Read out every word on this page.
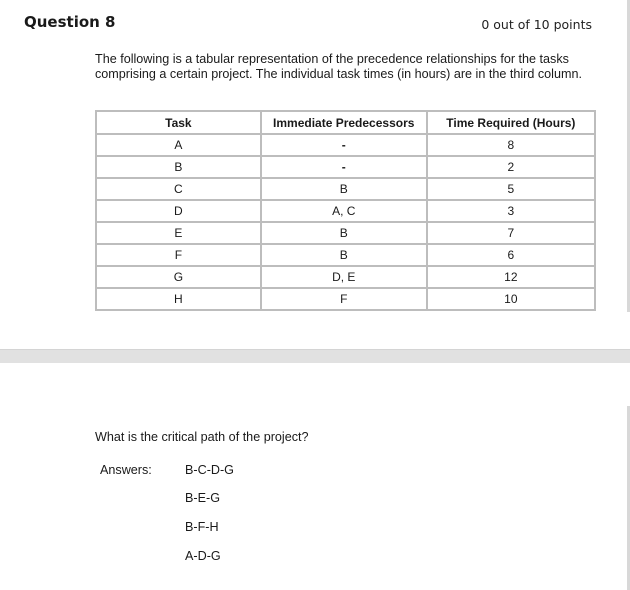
Question 8	0 out of 10 points
The following is a tabular representation of the precedence relationships for the tasks comprising a certain project. The individual task times (in hours) are in the third column.
Task	Immediate Predecessors	Time Required (Hours)
A	-	8
B	-	2
C	B	5
D	A, C	3
E	B	7
F	B	6
G	D, E	12
H	F	10
What is the critical path of the project?
Answers:	B-C-D-G
B-E-G
B-F-H
A-D-G
